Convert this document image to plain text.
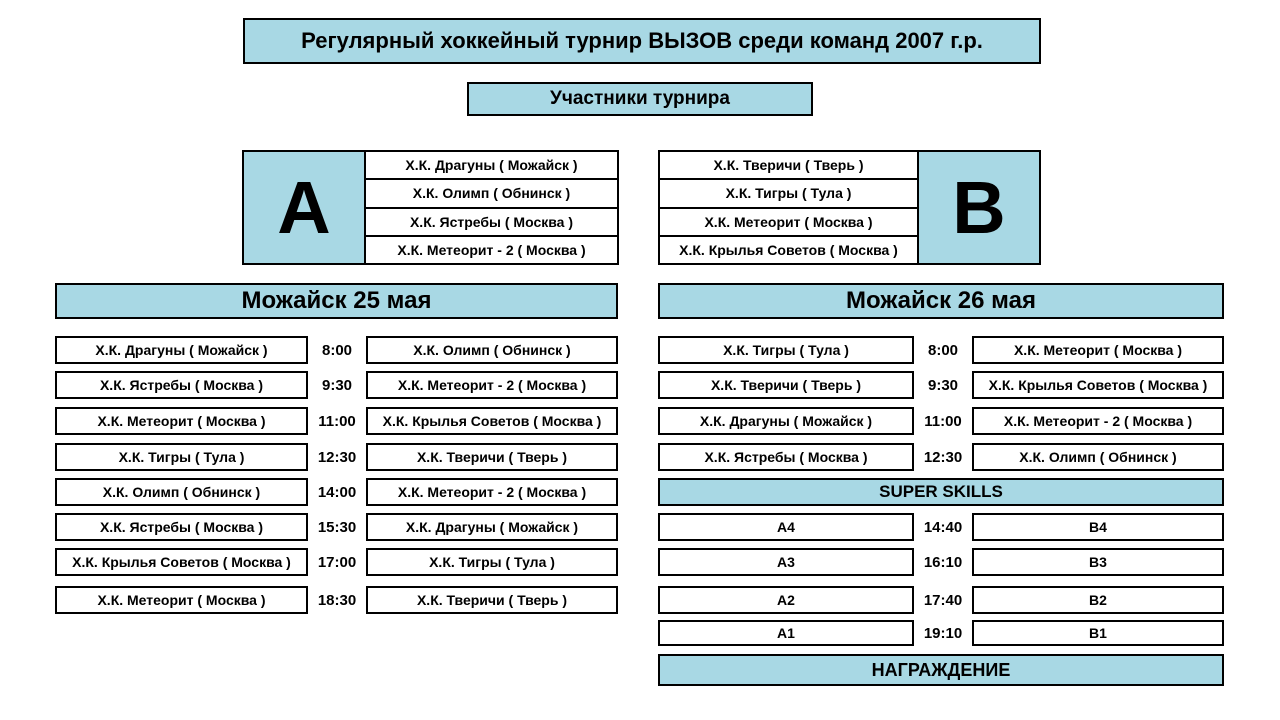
Регулярный хоккейный турнир ВЫЗОВ среди команд 2007 г.р.
Участники турнира
A
Х.К. Драгуны ( Можайск )
Х.К. Олимп ( Обнинск )
Х.К. Ястребы ( Москва )
Х.К. Метеорит - 2 ( Москва )
Х.К. Тверичи ( Тверь )
Х.К. Тигры ( Тула )
Х.К. Метеорит ( Москва )
Х.К. Крылья Советов ( Москва )
B
Можайск 25 мая	Можайск 26 мая
Х.К. Драгуны ( Можайск )	8:00	Х.К. Олимп ( Обнинск )
Х.К. Ястребы ( Москва )	9:30	Х.К. Метеорит - 2 ( Москва )
Х.К. Метеорит ( Москва )	11:00	Х.К. Крылья Советов ( Москва )
Х.К. Тигры ( Тула )	12:30	Х.К. Тверичи ( Тверь )
Х.К. Олимп ( Обнинск )	14:00	Х.К. Метеорит - 2 ( Москва )
Х.К. Ястребы ( Москва )	15:30	Х.К. Драгуны ( Можайск )
Х.К. Крылья Советов ( Москва )	17:00	Х.К. Тигры ( Тула )
Х.К. Метеорит ( Москва )	18:30	Х.К. Тверичи ( Тверь )
Х.К. Тигры ( Тула )	8:00	Х.К. Метеорит ( Москва )
Х.К. Тверичи ( Тверь )	9:30	Х.К. Крылья Советов ( Москва )
Х.К. Драгуны ( Можайск )	11:00	Х.К. Метеорит - 2 ( Москва )
Х.К. Ястребы ( Москва )	12:30	Х.К. Олимп ( Обнинск )
SUPER SKILLS
A4	14:40	B4
A3	16:10	B3
A2	17:40	B2
A1	19:10	B1
НАГРАЖДЕНИЕ
